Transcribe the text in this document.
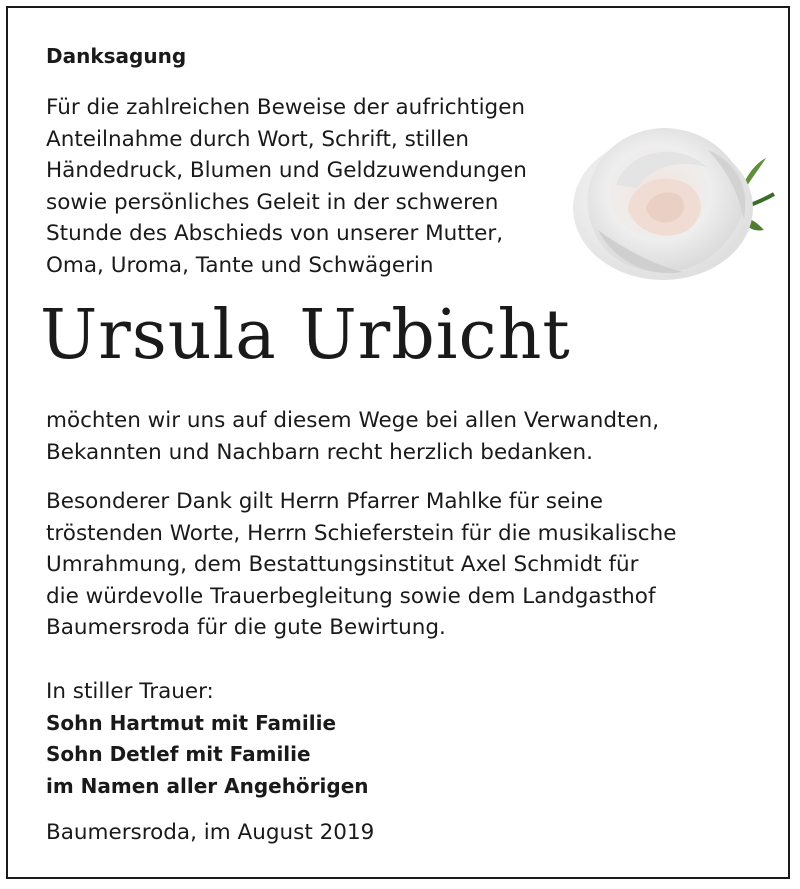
Danksagung
Für die zahlreichen Beweise der aufrichtigen
Anteilnahme durch Wort, Schrift, stillen
Händedruck, Blumen und Geldzuwendungen
sowie persönliches Geleit in der schweren
Stunde des Abschieds von unserer Mutter,
Oma, Uroma, Tante und Schwägerin
Ursula Urbicht
möchten wir uns auf diesem Wege bei allen Verwandten,
Bekannten und Nachbarn recht herzlich bedanken.
Besonderer Dank gilt Herrn Pfarrer Mahlke für seine
tröstenden Worte, Herrn Schieferstein für die musikalische
Umrahmung, dem Bestattungsinstitut Axel Schmidt für
die würdevolle Trauerbegleitung sowie dem Landgasthof
Baumersroda für die gute Bewirtung.
In stiller Trauer:
Sohn Hartmut mit Familie
Sohn Detlef mit Familie
im Namen aller Angehörigen
Baumersroda, im August 2019
